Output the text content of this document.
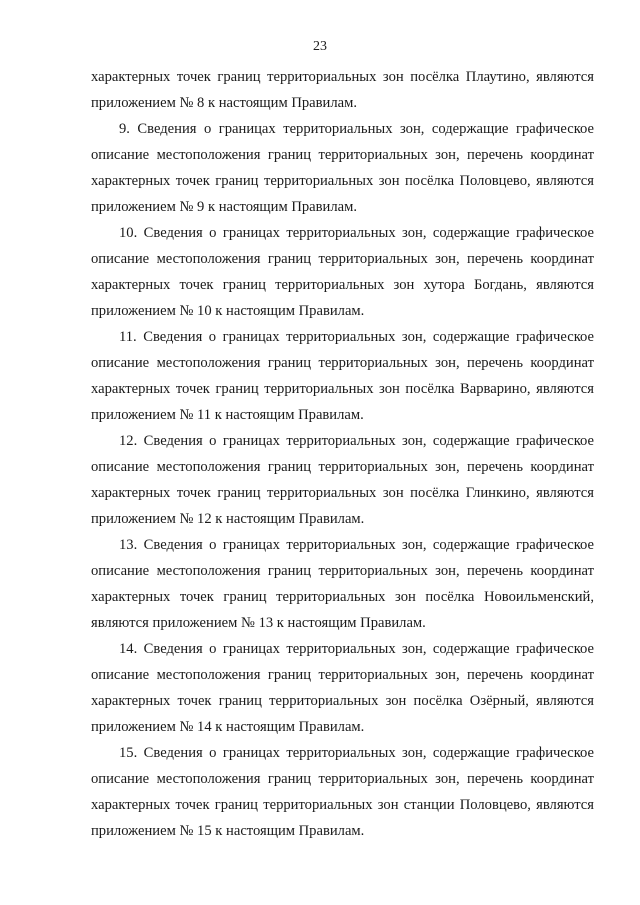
23

характерных точек границ территориальных зон посёлка Плаутино, являются приложением № 8 к настоящим Правилам.

9. Сведения о границах территориальных зон, содержащие графическое описание местоположения границ территориальных зон, перечень координат характерных точек границ территориальных зон посёлка Половцево, являются приложением № 9 к настоящим Правилам.

10. Сведения о границах территориальных зон, содержащие графическое описание местоположения границ территориальных зон, перечень координат характерных точек границ территориальных зон хутора Богдань, являются приложением № 10 к настоящим Правилам.

11. Сведения о границах территориальных зон, содержащие графическое описание местоположения границ территориальных зон, перечень координат характерных точек границ территориальных зон посёлка Варварино, являются приложением № 11 к настоящим Правилам.

12. Сведения о границах территориальных зон, содержащие графическое описание местоположения границ территориальных зон, перечень координат характерных точек границ территориальных зон посёлка Глинкино, являются приложением № 12 к настоящим Правилам.

13. Сведения о границах территориальных зон, содержащие графическое описание местоположения границ территориальных зон, перечень координат характерных точек границ территориальных зон посёлка Новоильменский, являются приложением № 13 к настоящим Правилам.

14. Сведения о границах территориальных зон, содержащие графическое описание местоположения границ территориальных зон, перечень координат характерных точек границ территориальных зон посёлка Озёрный, являются приложением № 14 к настоящим Правилам.

15. Сведения о границах территориальных зон, содержащие графическое описание местоположения границ территориальных зон, перечень координат характерных точек границ территориальных зон станции Половцево, являются приложением № 15 к настоящим Правилам.
